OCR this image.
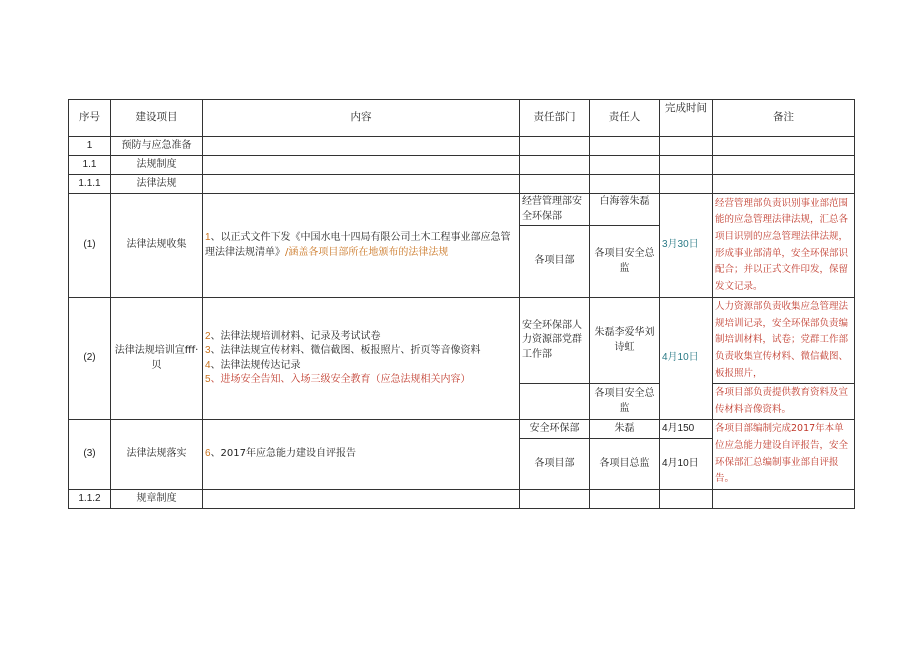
序号	建设项目	内容	责任部门	责任人	完成时间	备注
1	预防与应急准备					
1.1	法规制度					
1.1.1	法律法规					
(1)	法律法规收集	1、以正式文件下发《中国水电十四局有限公司土木工程事业部应急管理法律法规清单》/涵盖各项目部所在地颁布的法律法规	经营管理部安全环保部	白海蓉朱磊	3月30日	经营管理部负责识别事业部范围能的应急管理法律法规，汇总各项目识别的应急管理法律法规，形成事业部清单，安全环保部识配合；并以正式文件印发，保留发文记录。
			各项目部	各项目安全总监		
(2)	法律法规培训宣fff·贝	2、法律法规培训材料、记录及考试试卷
3、法律法规宣传材料、微信截图、板报照片、折页等音像资料
4、法律法规传达记录
5、进场安全告知、入场三级安全教育（应急法规相关内容）	安全环保部人力资源部党群工作部	朱磊李爱华刘诗虹	4月10日	人力资源部负责收集应急管理法规培训记录，安全环保部负责编制培训材料，试卷；党群工作部负责收集宣传材料、微信截图、板报照片，
				各项目安全总监		各项目部负责提供教育资料及宣传材料音像资料。
(3)	法律法规落实	6、2017年应急能力建设自评报告	安全环保部	朱磊	4月150	各项目部编制完成2017年本单位应急能力建设自评报告，安全环保部汇总编制事业部自评报告。
			各项目部	各项目总监	4月10日	
1.1.2	规章制度					
